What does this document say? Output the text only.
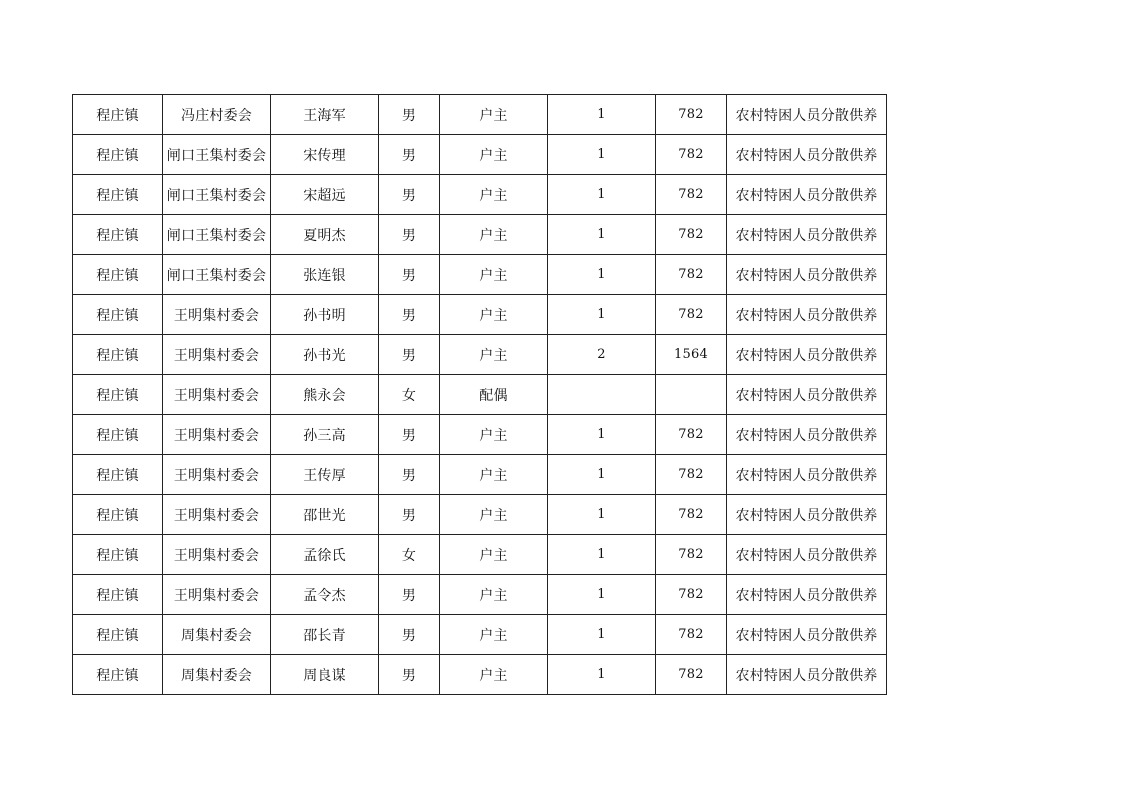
程庄镇	冯庄村委会	王海军	男	户主	1	782	农村特困人员分散供养
程庄镇	闸口王集村委会	宋传理	男	户主	1	782	农村特困人员分散供养
程庄镇	闸口王集村委会	宋超远	男	户主	1	782	农村特困人员分散供养
程庄镇	闸口王集村委会	夏明杰	男	户主	1	782	农村特困人员分散供养
程庄镇	闸口王集村委会	张连银	男	户主	1	782	农村特困人员分散供养
程庄镇	王明集村委会	孙书明	男	户主	1	782	农村特困人员分散供养
程庄镇	王明集村委会	孙书光	男	户主	2	1564	农村特困人员分散供养
程庄镇	王明集村委会	熊永会	女	配偶			农村特困人员分散供养
程庄镇	王明集村委会	孙三高	男	户主	1	782	农村特困人员分散供养
程庄镇	王明集村委会	王传厚	男	户主	1	782	农村特困人员分散供养
程庄镇	王明集村委会	邵世光	男	户主	1	782	农村特困人员分散供养
程庄镇	王明集村委会	孟徐氏	女	户主	1	782	农村特困人员分散供养
程庄镇	王明集村委会	孟令杰	男	户主	1	782	农村特困人员分散供养
程庄镇	周集村委会	邵长青	男	户主	1	782	农村特困人员分散供养
程庄镇	周集村委会	周良谋	男	户主	1	782	农村特困人员分散供养
